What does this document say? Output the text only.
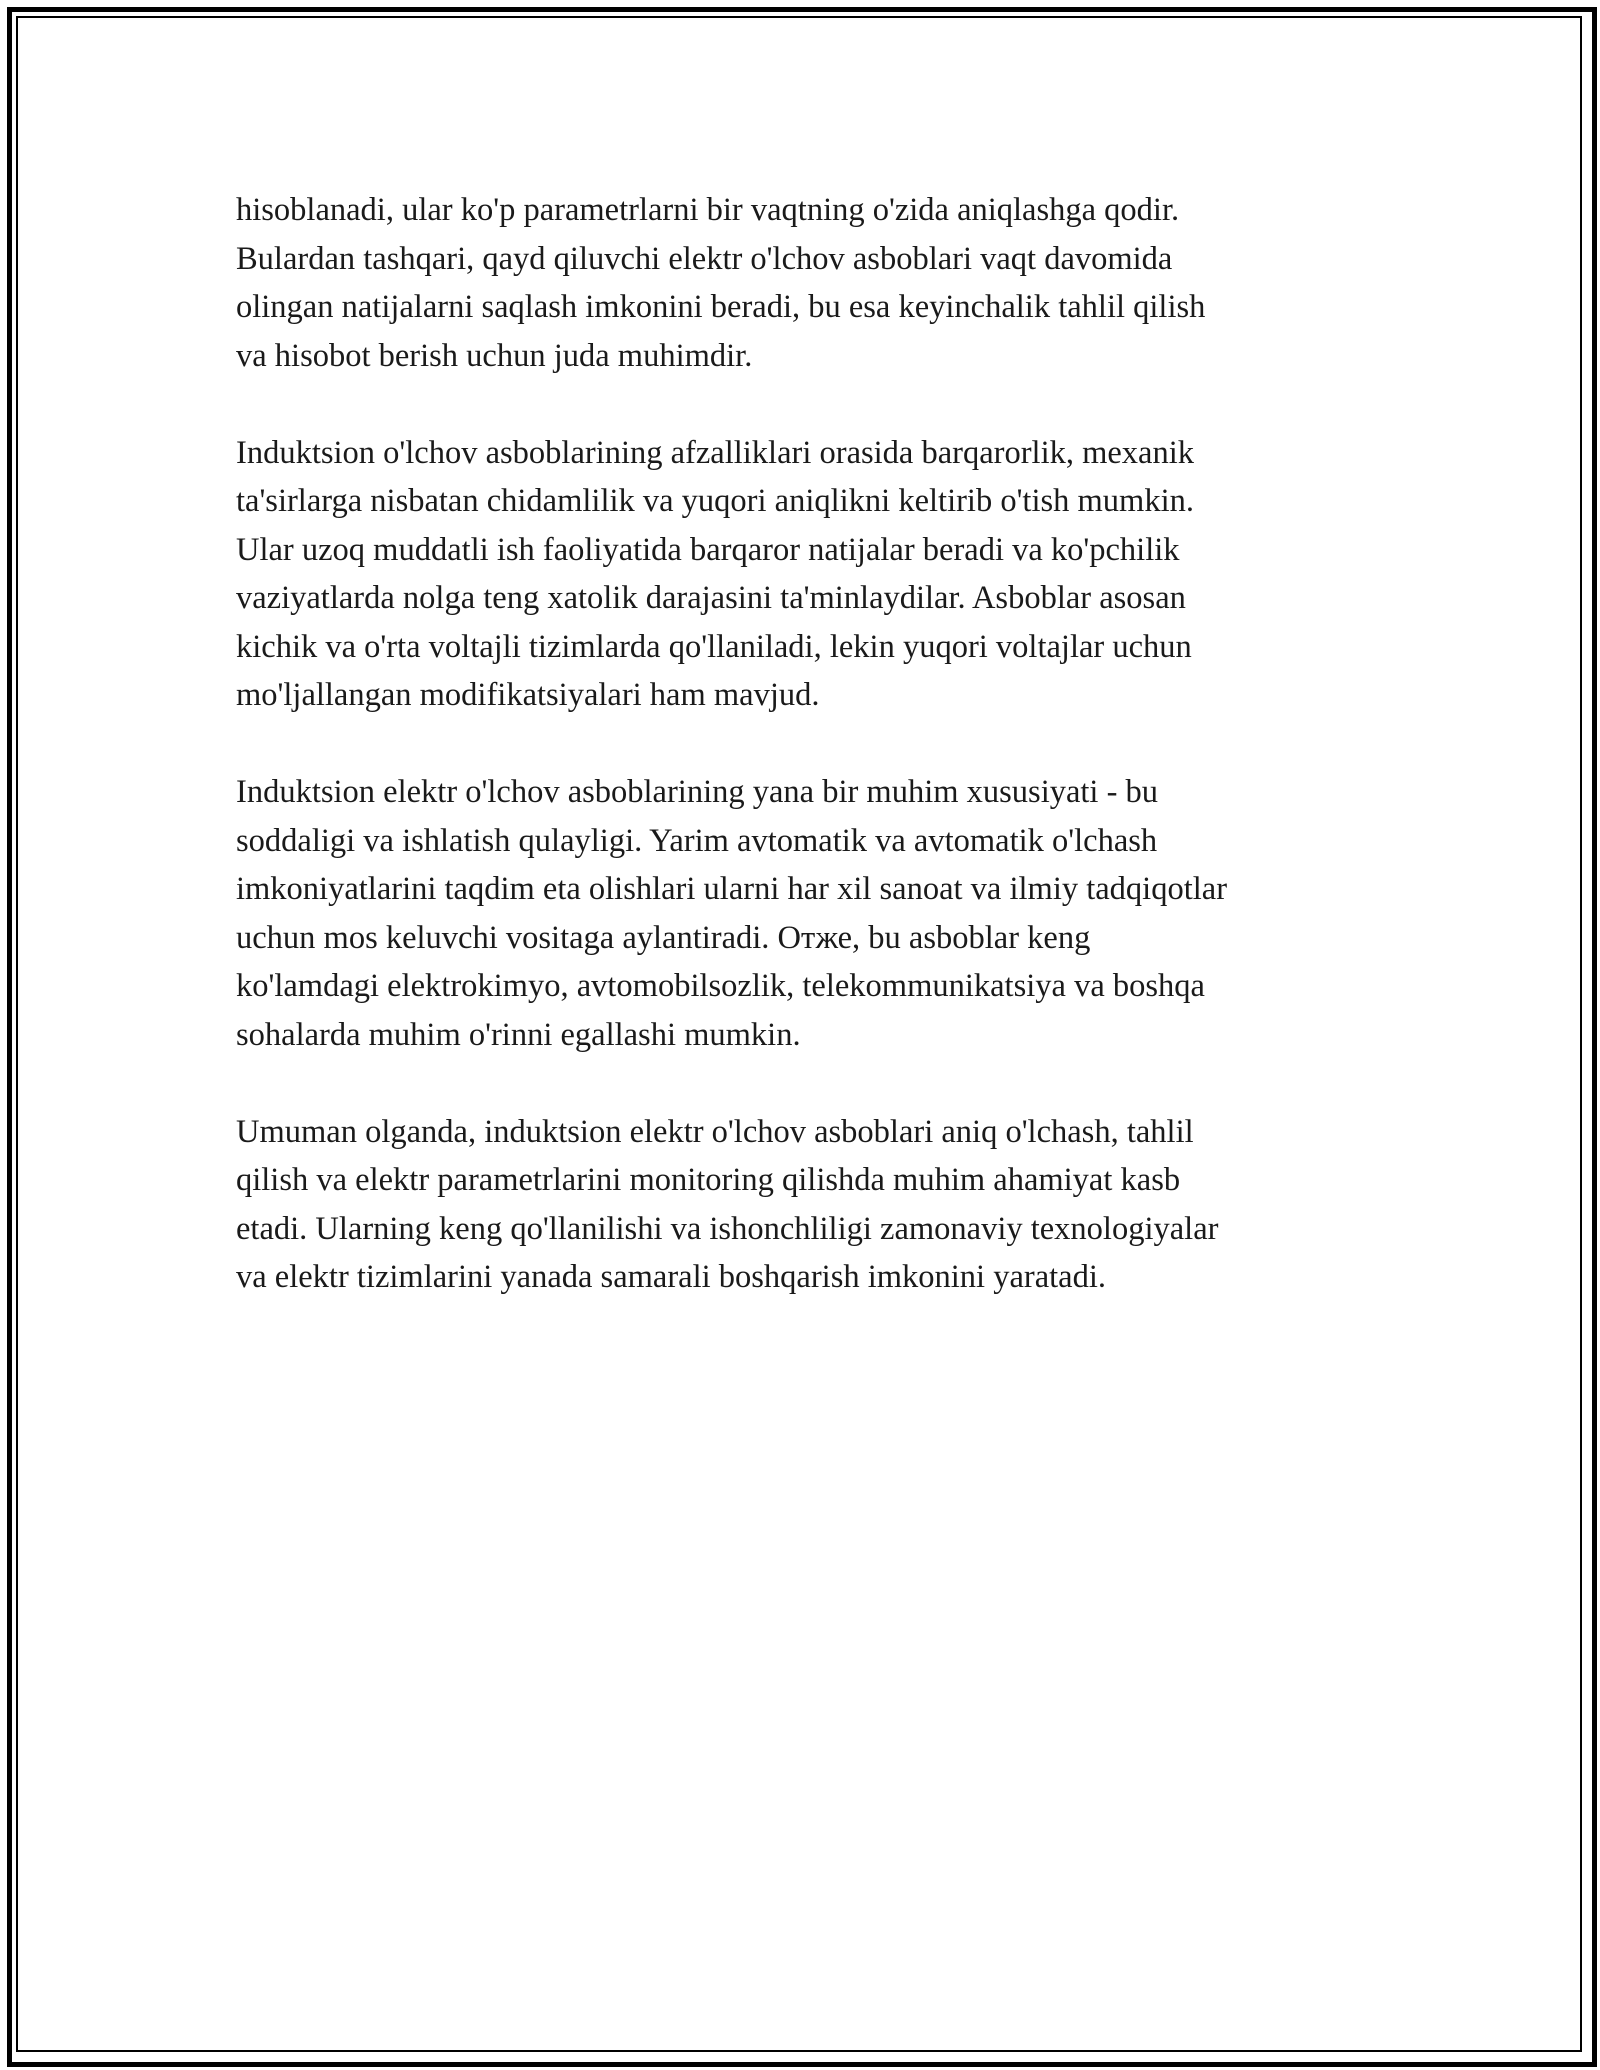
hisoblanadi, ular ko'p parametrlarni bir vaqtning o'zida aniqlashga qodir.
Bulardan tashqari, qayd qiluvchi elektr o'lchov asboblari vaqt davomida
olingan natijalarni saqlash imkonini beradi, bu esa keyinchalik tahlil qilish
va hisobot berish uchun juda muhimdir.
Induktsion o'lchov asboblarining afzalliklari orasida barqarorlik, mexanik
ta'sirlarga nisbatan chidamlilik va yuqori aniqlikni keltirib o'tish mumkin.
Ular uzoq muddatli ish faoliyatida barqaror natijalar beradi va ko'pchilik
vaziyatlarda nolga teng xatolik darajasini ta'minlaydilar. Asboblar asosan
kichik va o'rta voltajli tizimlarda qo'llaniladi, lekin yuqori voltajlar uchun
mo'ljallangan modifikatsiyalari ham mavjud.
Induktsion elektr o'lchov asboblarining yana bir muhim xususiyati - bu
soddaligi va ishlatish qulayligi. Yarim avtomatik va avtomatik o'lchash
imkoniyatlarini taqdim eta olishlari ularni har xil sanoat va ilmiy tadqiqotlar
uchun mos keluvchi vositaga aylantiradi. Отже, bu asboblar keng
ko'lamdagi elektrokimyo, avtomobilsozlik, telekommunikatsiya va boshqa
sohalarda muhim o'rinni egallashi mumkin.
Umuman olganda, induktsion elektr o'lchov asboblari aniq o'lchash, tahlil
qilish va elektr parametrlarini monitoring qilishda muhim ahamiyat kasb
etadi. Ularning keng qo'llanilishi va ishonchliligi zamonaviy texnologiyalar
va elektr tizimlarini yanada samarali boshqarish imkonini yaratadi.
